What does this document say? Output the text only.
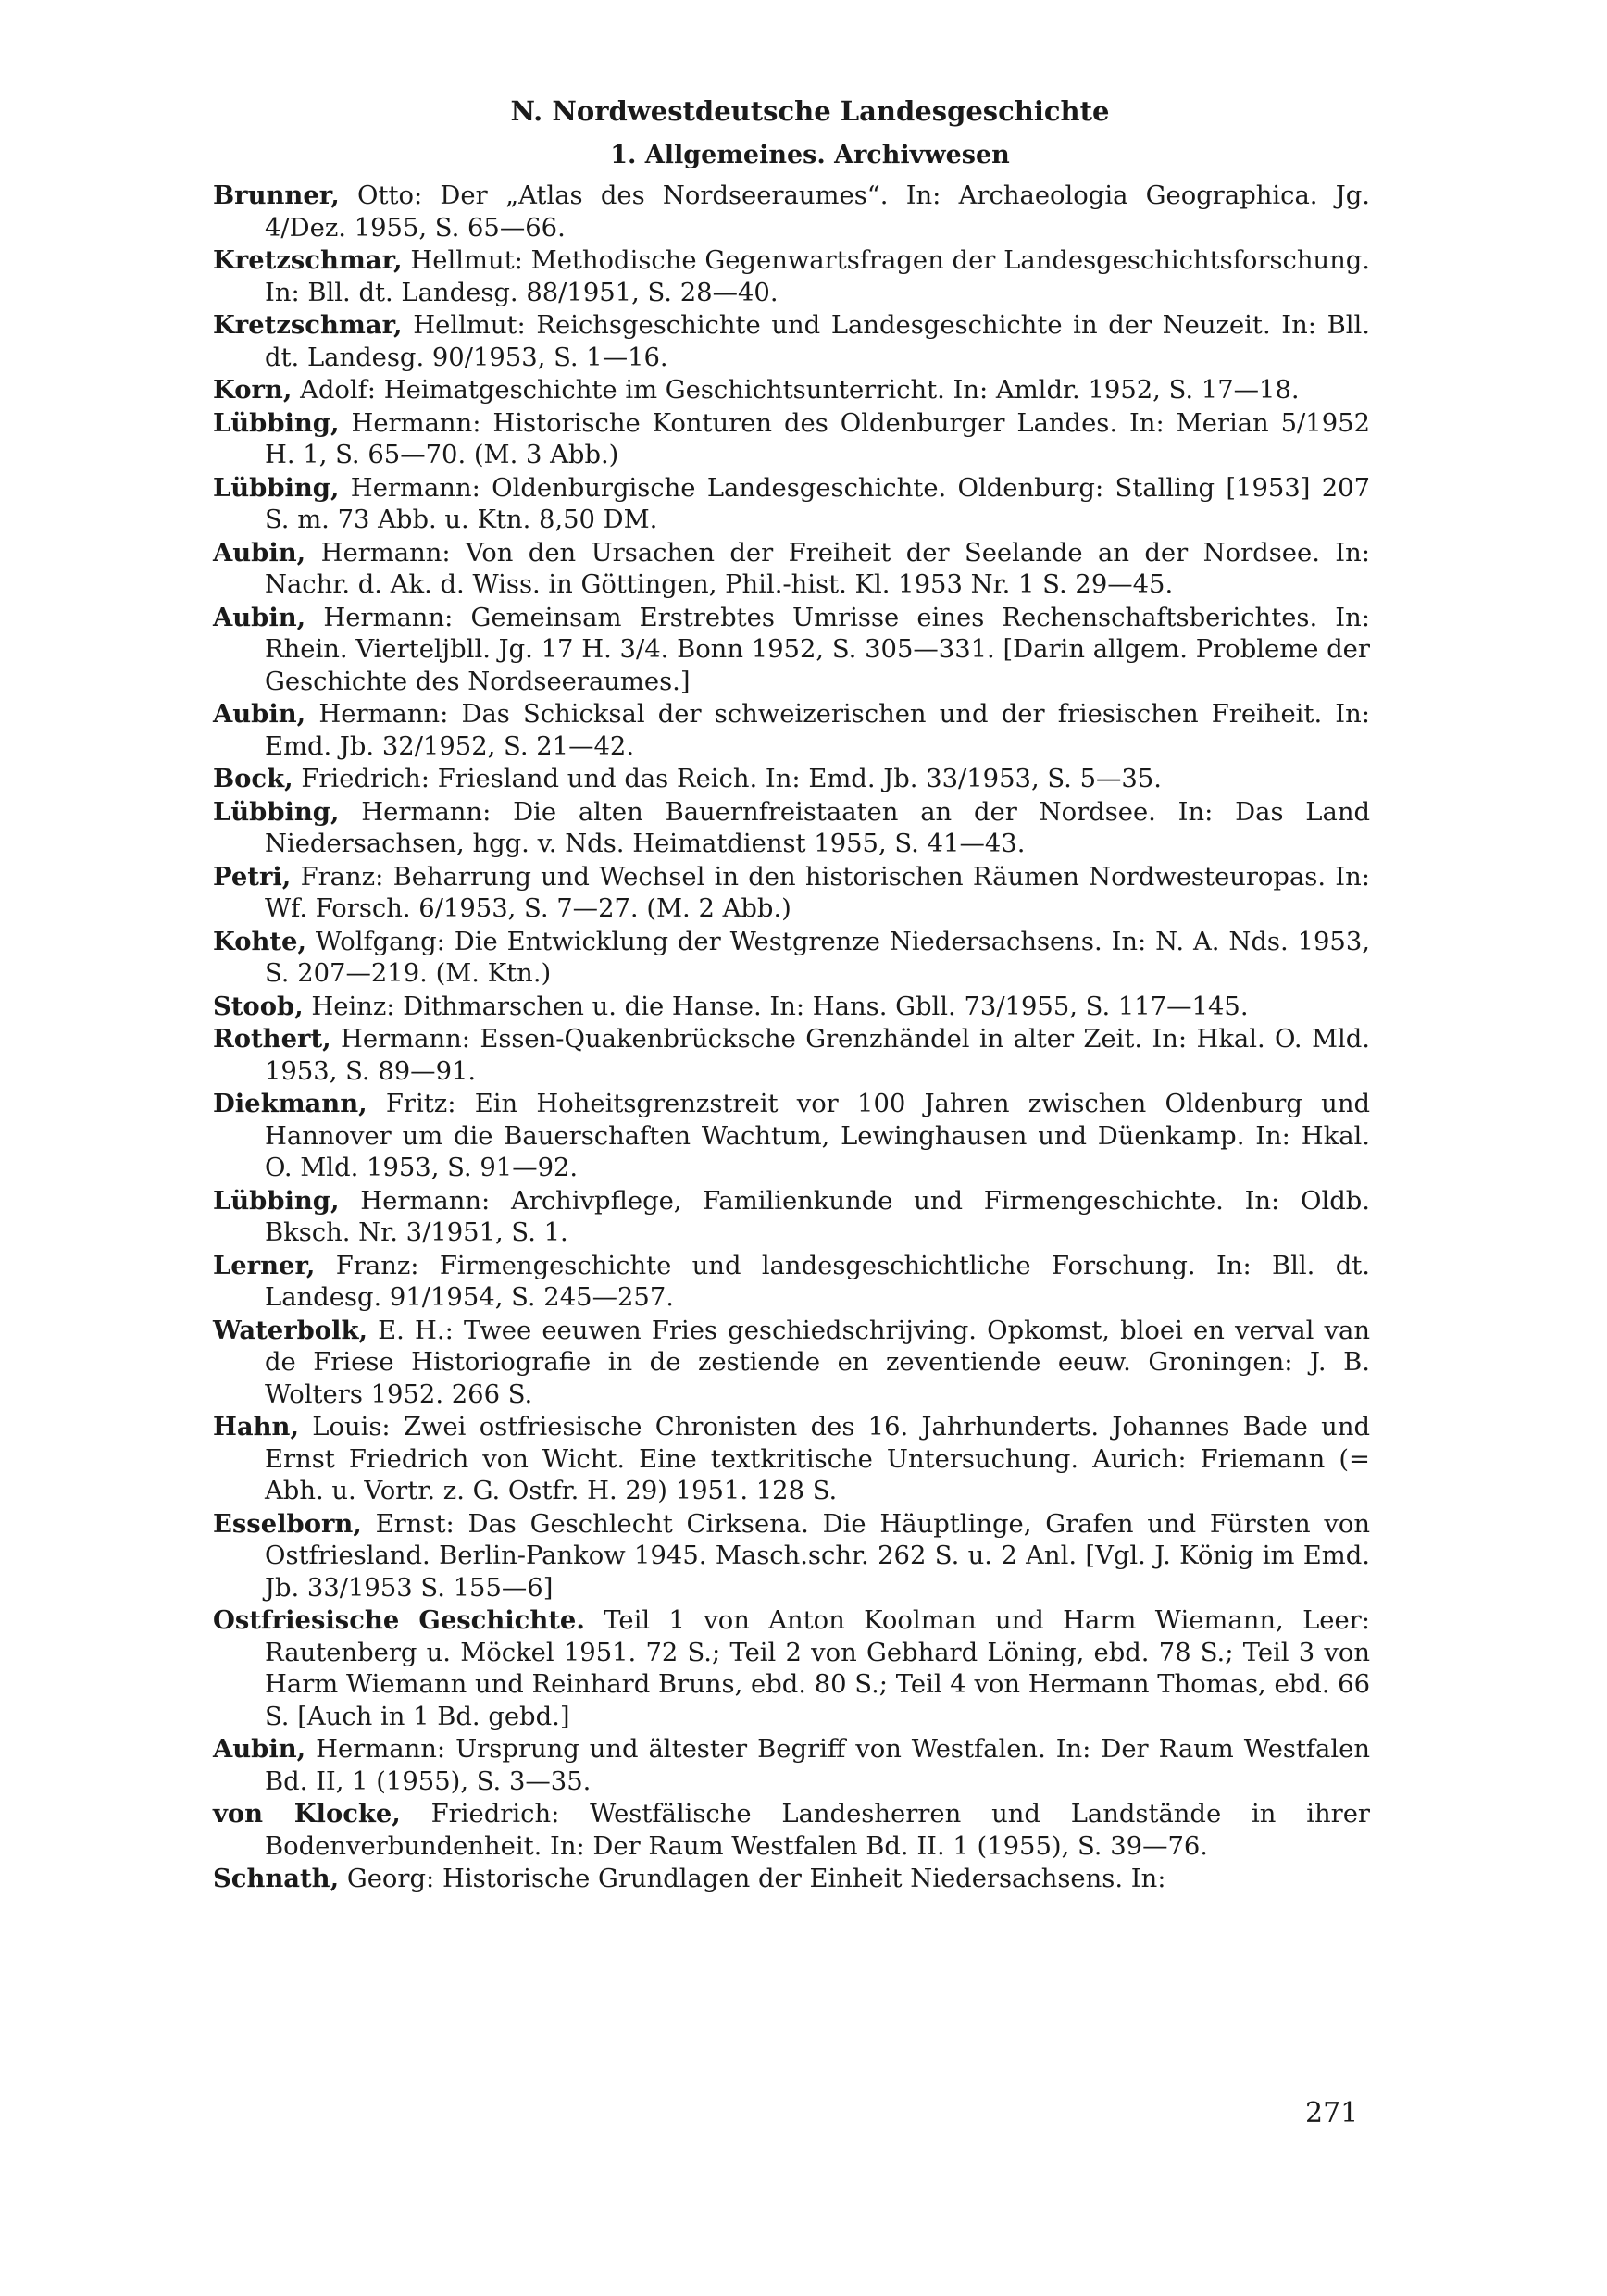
N. Nordwestdeutsche Landesgeschichte
1. Allgemeines. Archivwesen
Brunner, Otto: Der „Atlas des Nordseeraumes“. In: Archaeologia Geographica. Jg. 4/Dez. 1955, S. 65—66.
Kretzschmar, Hellmut: Methodische Gegenwartsfragen der Landesgeschichtsforschung. In: Bll. dt. Landesg. 88/1951, S. 28—40.
Kretzschmar, Hellmut: Reichsgeschichte und Landesgeschichte in der Neuzeit. In: Bll. dt. Landesg. 90/1953, S. 1—16.
Korn, Adolf: Heimatgeschichte im Geschichtsunterricht. In: Amldr. 1952, S. 17—18.
Lübbing, Hermann: Historische Konturen des Oldenburger Landes. In: Merian 5/1952 H. 1, S. 65—70. (M. 3 Abb.)
Lübbing, Hermann: Oldenburgische Landesgeschichte. Oldenburg: Stalling [1953] 207 S. m. 73 Abb. u. Ktn. 8,50 DM.
Aubin, Hermann: Von den Ursachen der Freiheit der Seelande an der Nordsee. In: Nachr. d. Ak. d. Wiss. in Göttingen, Phil.-hist. Kl. 1953 Nr. 1 S. 29—45.
Aubin, Hermann: Gemeinsam Erstrebtes Umrisse eines Rechenschaftsberichtes. In: Rhein. Vierteljbll. Jg. 17 H. 3/4. Bonn 1952, S. 305—331. [Darin allgem. Probleme der Geschichte des Nordseeraumes.]
Aubin, Hermann: Das Schicksal der schweizerischen und der friesischen Freiheit. In: Emd. Jb. 32/1952, S. 21—42.
Bock, Friedrich: Friesland und das Reich. In: Emd. Jb. 33/1953, S. 5—35.
Lübbing, Hermann: Die alten Bauernfreistaaten an der Nordsee. In: Das Land Niedersachsen, hgg. v. Nds. Heimatdienst 1955, S. 41—43.
Petri, Franz: Beharrung und Wechsel in den historischen Räumen Nordwesteuropas. In: Wf. Forsch. 6/1953, S. 7—27. (M. 2 Abb.)
Kohte, Wolfgang: Die Entwicklung der Westgrenze Niedersachsens. In: N. A. Nds. 1953, S. 207—219. (M. Ktn.)
Stoob, Heinz: Dithmarschen u. die Hanse. In: Hans. Gbll. 73/1955, S. 117—145.
Rothert, Hermann: Essen-Quakenbrücksche Grenzhändel in alter Zeit. In: Hkal. O. Mld. 1953, S. 89—91.
Diekmann, Fritz: Ein Hoheitsgrenzstreit vor 100 Jahren zwischen Oldenburg und Hannover um die Bauerschaften Wachtum, Lewinghausen und Düenkamp. In: Hkal. O. Mld. 1953, S. 91—92.
Lübbing, Hermann: Archivpflege, Familienkunde und Firmengeschichte. In: Oldb. Bksch. Nr. 3/1951, S. 1.
Lerner, Franz: Firmengeschichte und landesgeschichtliche Forschung. In: Bll. dt. Landesg. 91/1954, S. 245—257.
Waterbolk, E. H.: Twee eeuwen Fries geschiedschrijving. Opkomst, bloei en verval van de Friese Historiografie in de zestiende en zeventiende eeuw. Groningen: J. B. Wolters 1952. 266 S.
Hahn, Louis: Zwei ostfriesische Chronisten des 16. Jahrhunderts. Johannes Bade und Ernst Friedrich von Wicht. Eine textkritische Untersuchung. Aurich: Friemann (= Abh. u. Vortr. z. G. Ostfr. H. 29) 1951. 128 S.
Esselborn, Ernst: Das Geschlecht Cirksena. Die Häuptlinge, Grafen und Fürsten von Ostfriesland. Berlin-Pankow 1945. Masch.schr. 262 S. u. 2 Anl. [Vgl. J. König im Emd. Jb. 33/1953 S. 155—6]
Ostfriesische Geschichte. Teil 1 von Anton Koolman und Harm Wiemann, Leer: Rautenberg u. Möckel 1951. 72 S.; Teil 2 von Gebhard Löning, ebd. 78 S.; Teil 3 von Harm Wiemann und Reinhard Bruns, ebd. 80 S.; Teil 4 von Hermann Thomas, ebd. 66 S. [Auch in 1 Bd. gebd.]
Aubin, Hermann: Ursprung und ältester Begriff von Westfalen. In: Der Raum Westfalen Bd. II, 1 (1955), S. 3—35.
von Klocke, Friedrich: Westfälische Landesherren und Landstände in ihrer Bodenverbundenheit. In: Der Raum Westfalen Bd. II. 1 (1955), S. 39—76.
Schnath, Georg: Historische Grundlagen der Einheit Niedersachsens. In:
271
